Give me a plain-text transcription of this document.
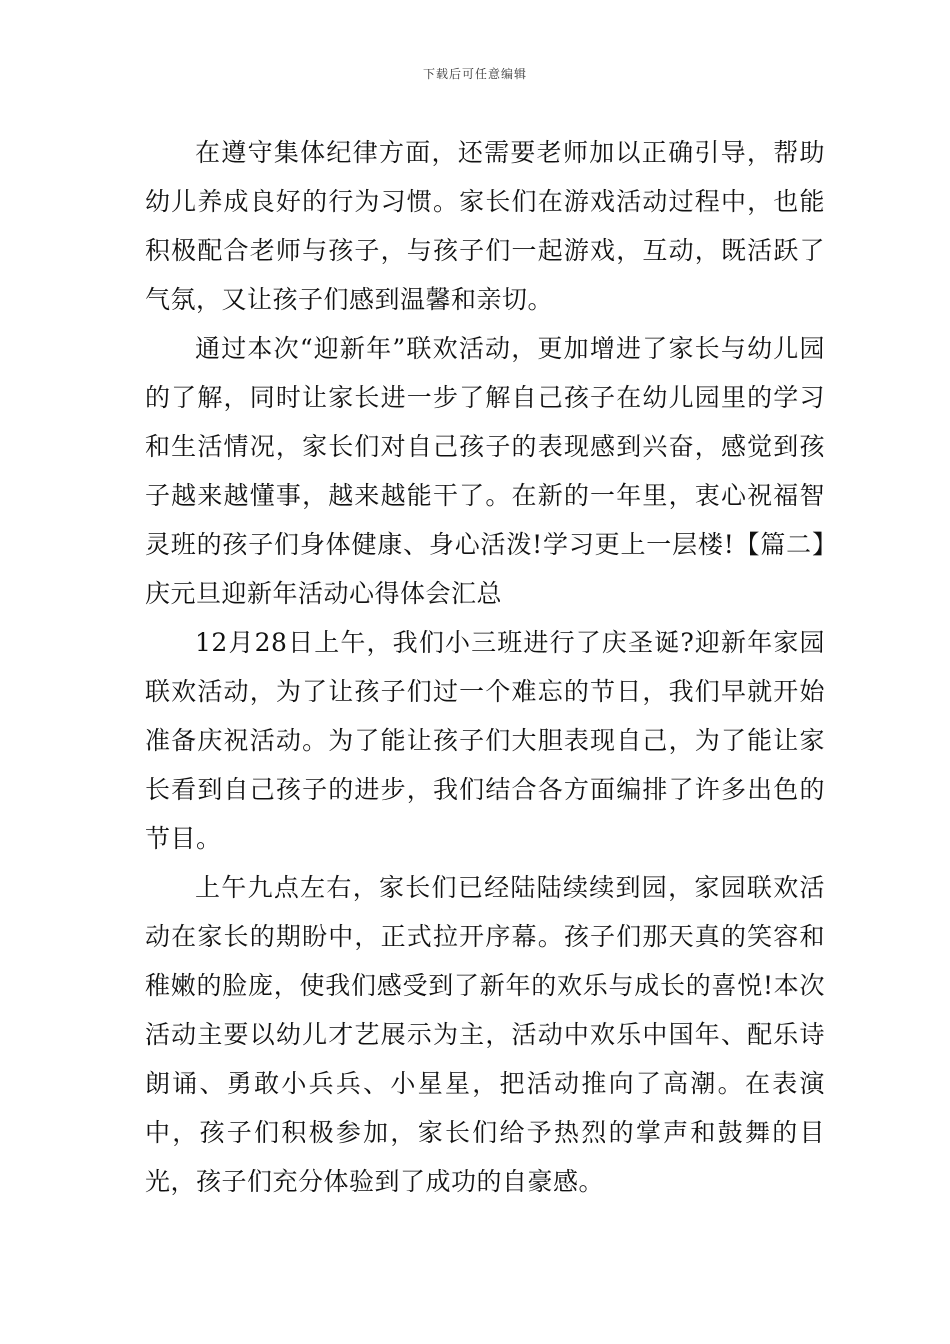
下载后可任意编辑

在遵守集体纪律方面，还需要老师加以正确引导，帮助幼儿养成良好的行为习惯。家长们在游戏活动过程中，也能积极配合老师与孩子，与孩子们一起游戏，互动，既活跃了气氛，又让孩子们感到温馨和亲切。

通过本次“迎新年”联欢活动，更加增进了家长与幼儿园的了解，同时让家长进一步了解自己孩子在幼儿园里的学习和生活情况，家长们对自己孩子的表现感到兴奋，感觉到孩子越来越懂事，越来越能干了。在新的一年里，衷心祝福智灵班的孩子们身体健康、身心活泼!学习更上一层楼!【篇二】庆元旦迎新年活动心得体会汇总

12月28日上午，我们小三班进行了庆圣诞?迎新年家园联欢活动，为了让孩子们过一个难忘的节日，我们早就开始准备庆祝活动。为了能让孩子们大胆表现自己，为了能让家长看到自己孩子的进步，我们结合各方面编排了许多出色的节目。

上午九点左右，家长们已经陆陆续续到园，家园联欢活动在家长的期盼中，正式拉开序幕。孩子们那天真的笑容和稚嫩的脸庞，使我们感受到了新年的欢乐与成长的喜悦!本次活动主要以幼儿才艺展示为主，活动中欢乐中国年、配乐诗朗诵、勇敢小兵兵、小星星，把活动推向了高潮。在表演中，孩子们积极参加，家长们给予热烈的掌声和鼓舞的目光，孩子们充分体验到了成功的自豪感。
